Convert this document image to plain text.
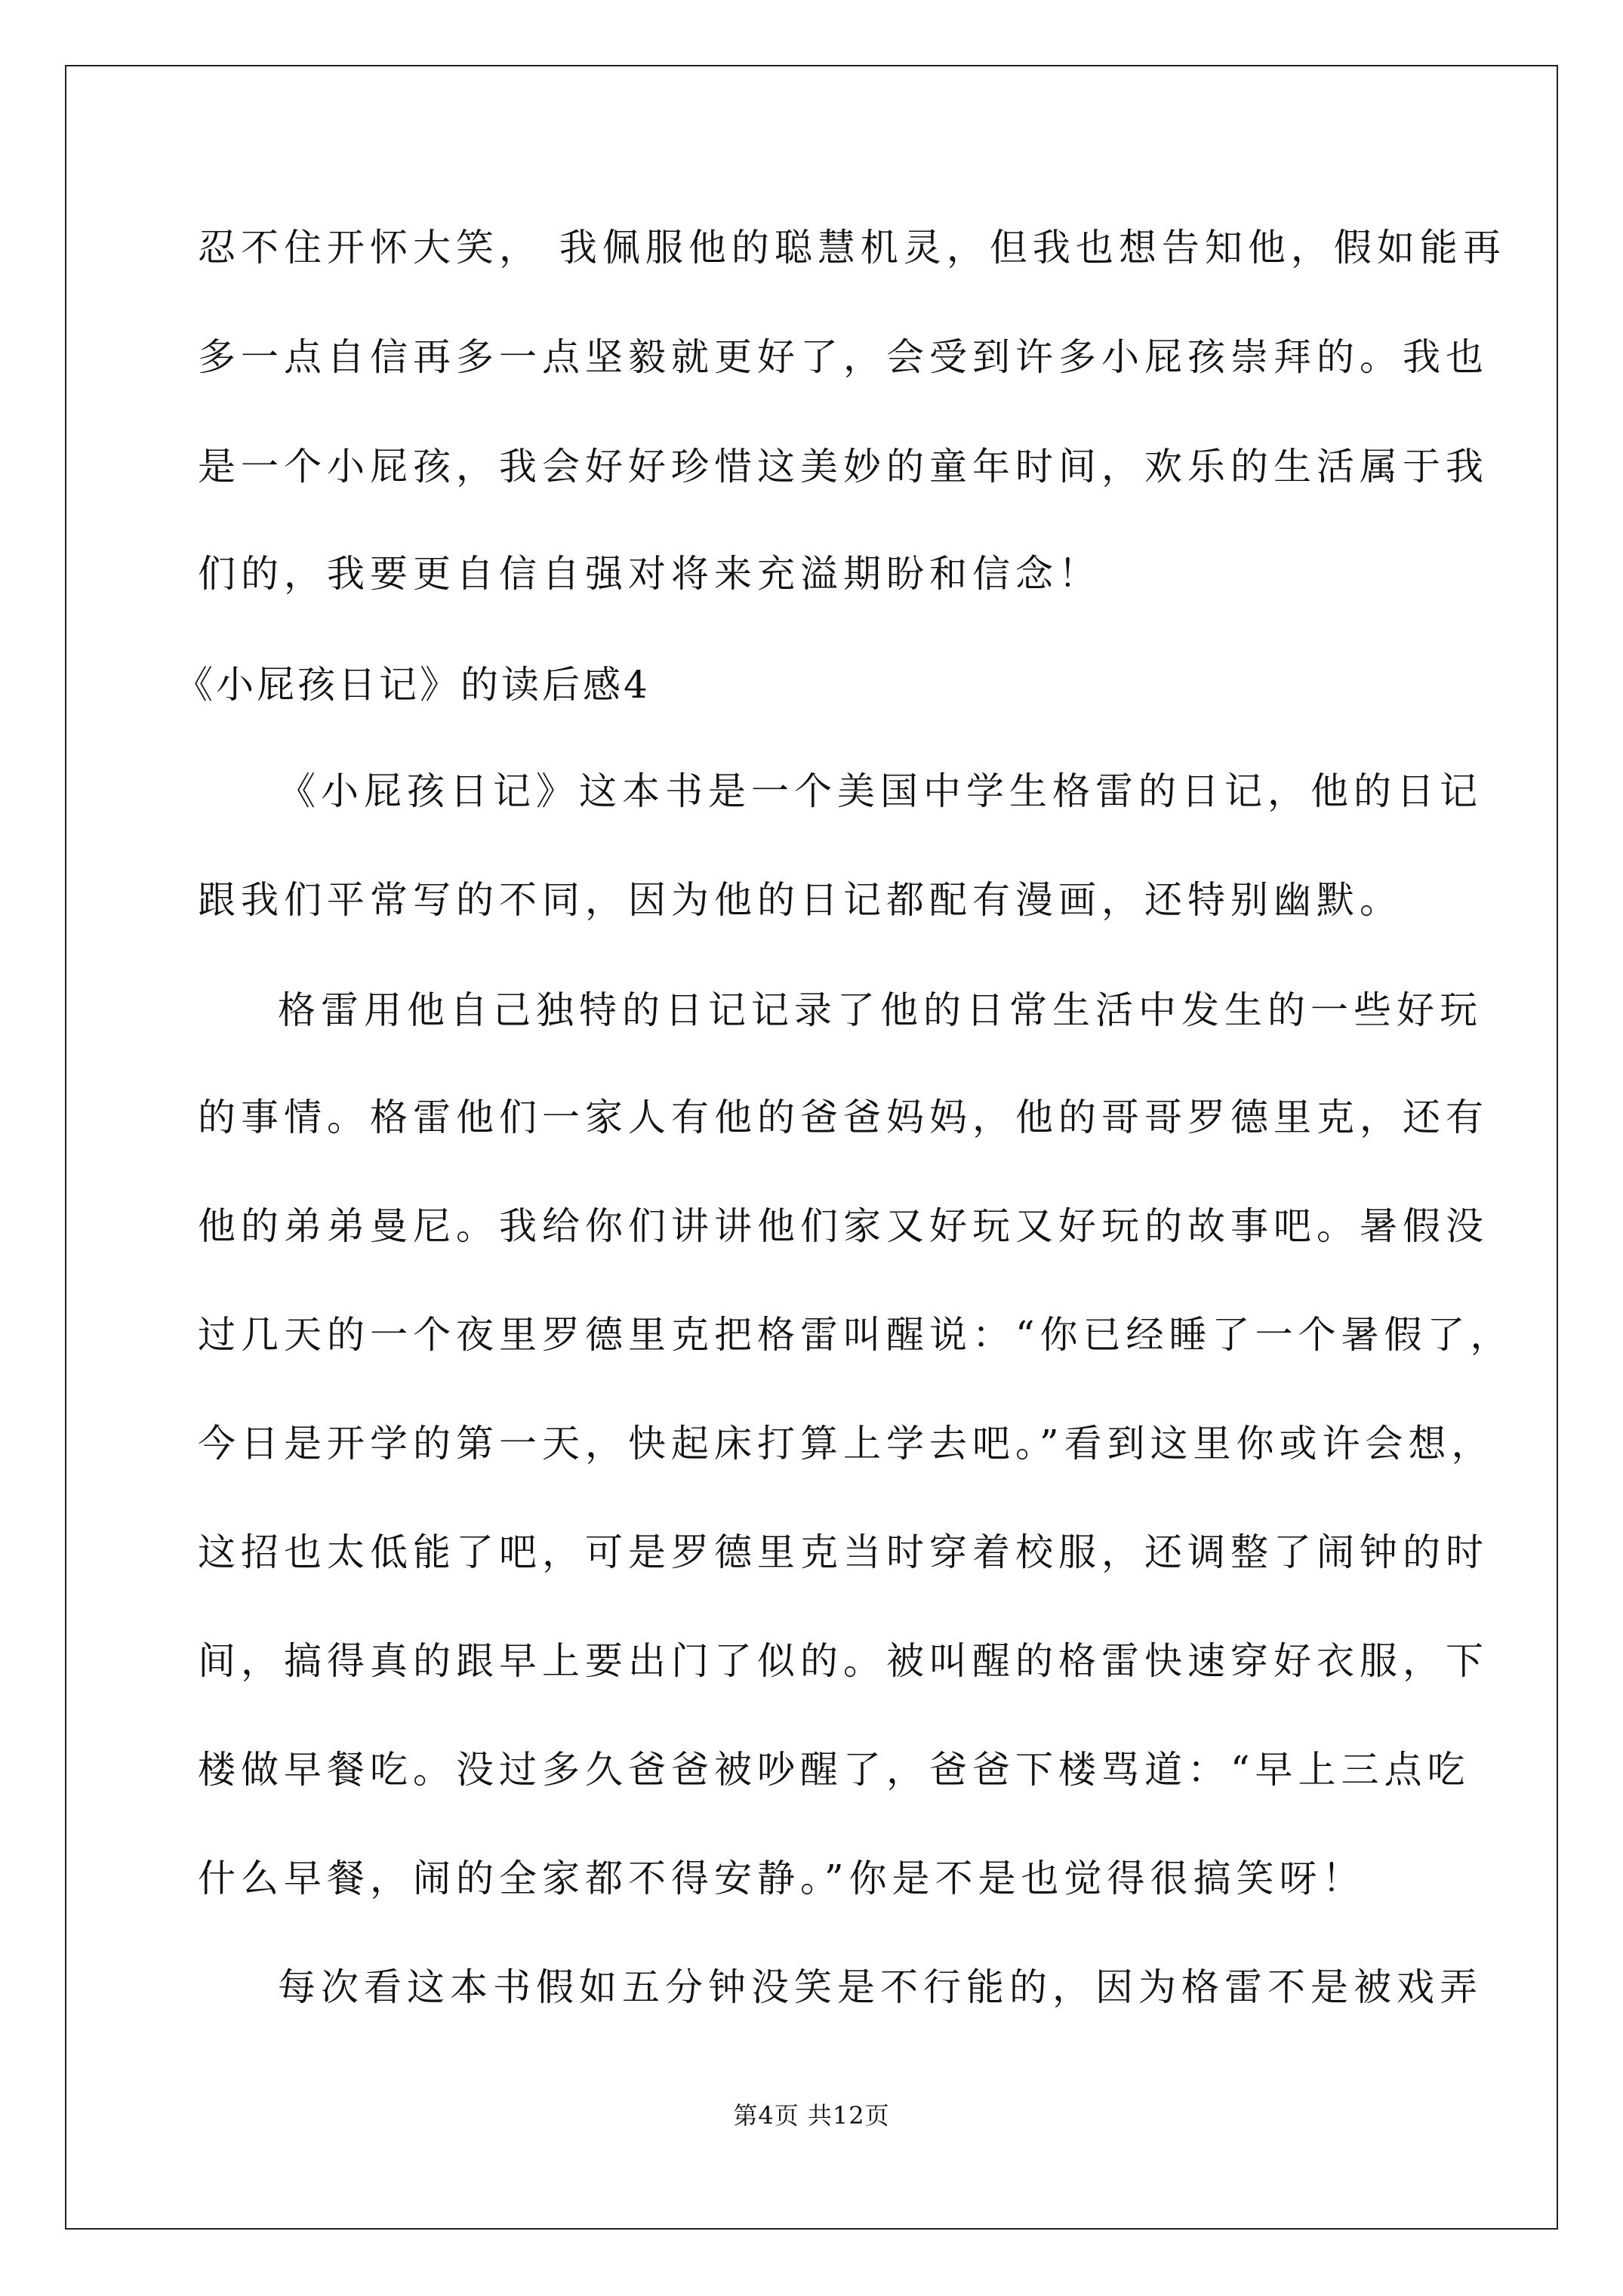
忍不住开怀大笑， 我佩服他的聪慧机灵，但我也想告知他，假如能再
多一点自信再多一点坚毅就更好了，会受到许多小屁孩崇拜的。我也
是一个小屁孩，我会好好珍惜这美妙的童年时间，欢乐的生活属于我
们的，我要更自信自强对将来充溢期盼和信念！
《小屁孩日记》的读后感4
《小屁孩日记》这本书是一个美国中学生格雷的日记，他的日记
跟我们平常写的不同，因为他的日记都配有漫画，还特别幽默。
格雷用他自己独特的日记记录了他的日常生活中发生的一些好玩
的事情。格雷他们一家人有他的爸爸妈妈，他的哥哥罗德里克，还有
他的弟弟曼尼。我给你们讲讲他们家又好玩又好玩的故事吧。暑假没
过几天的一个夜里罗德里克把格雷叫醒说：“你已经睡了一个暑假了，
今日是开学的第一天，快起床打算上学去吧。”看到这里你或许会想，
这招也太低能了吧，可是罗德里克当时穿着校服，还调整了闹钟的时
间，搞得真的跟早上要出门了似的。被叫醒的格雷快速穿好衣服，下
楼做早餐吃。没过多久爸爸被吵醒了，爸爸下楼骂道：“早上三点吃
什么早餐，闹的全家都不得安静。”你是不是也觉得很搞笑呀！
每次看这本书假如五分钟没笑是不行能的，因为格雷不是被戏弄
第4页 共12页
